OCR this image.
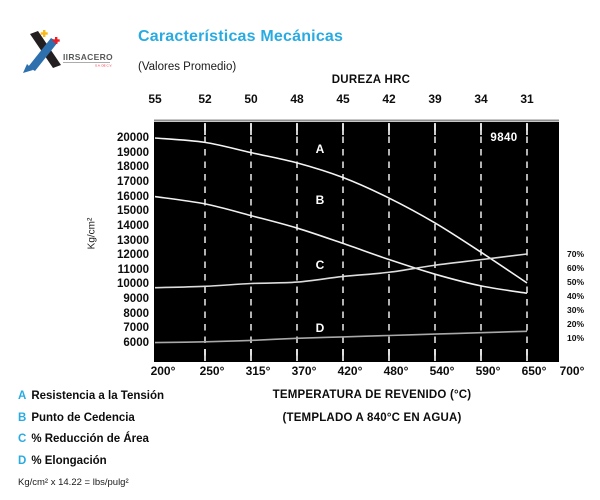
IIRSACERO
S.A. DE C.V.
Características Mecánicas
(Valores Promedio)
DUREZA HRC
Kg/cm²
9840
TEMPERATURA DE REVENIDO (°C)
(TEMPLADO A 840°C EN AGUA)
A Resistencia a la Tensión
B Punto de Cedencia
C % Reducción de Área
D % Elongación
Kg/cm² x 14.22 = lbs/pulg²
55	52	50	48	45	42	39	34	31
200° 250° 315° 370° 420° 480° 540° 590° 650° 700°
20000
19000
18000
17000
16000
15000
14000
13000
12000
11000
10000
9000
8000
7000
6000
70%
60%
50%
40%
30%
20%
10%
A
B
C
D
